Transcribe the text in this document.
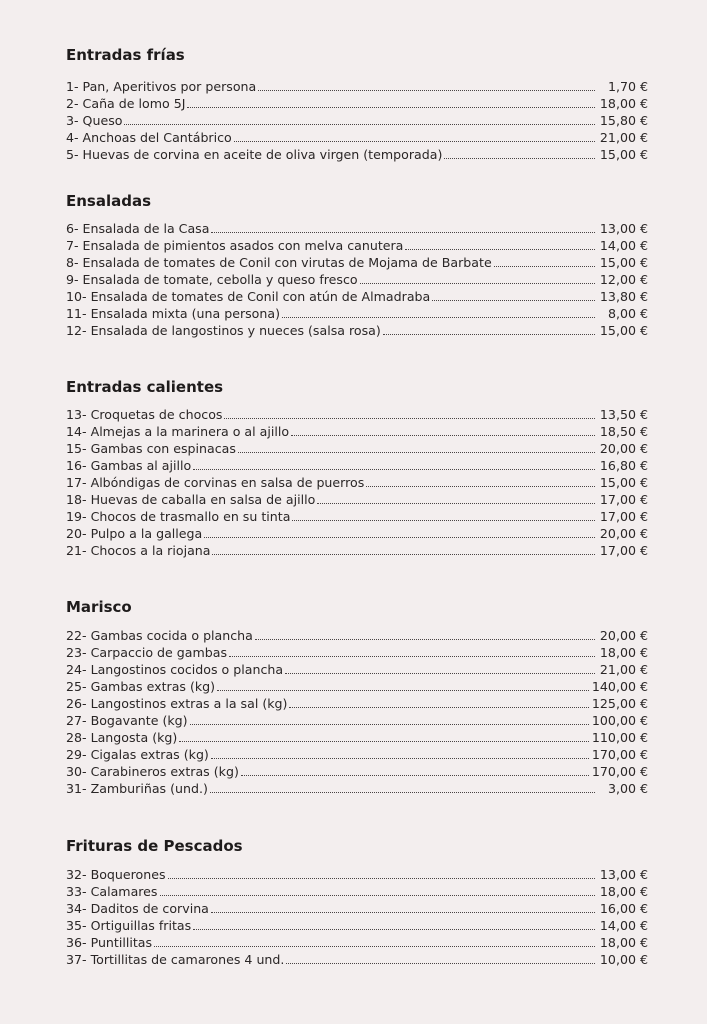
Entradas frías
1- Pan, Aperitivos por persona	1,70 €
2- Caña de lomo 5J	18,00 €
3- Queso	15,80 €
4- Anchoas del Cantábrico	21,00 €
5- Huevas de corvina en aceite de oliva virgen (temporada)	15,00 €
Ensaladas
6- Ensalada de la Casa	13,00 €
7- Ensalada de pimientos asados con melva canutera	14,00 €
8- Ensalada de tomates de Conil con virutas de Mojama de Barbate	15,00 €
9- Ensalada de tomate, cebolla y queso fresco	12,00 €
10- Ensalada de tomates de Conil con atún de Almadraba	13,80 €
11- Ensalada mixta (una persona)	8,00 €
12- Ensalada de langostinos y nueces (salsa rosa)	15,00 €
Entradas calientes
13- Croquetas de chocos	13,50 €
14- Almejas a la marinera o al ajillo	18,50 €
15- Gambas con espinacas	20,00 €
16- Gambas al ajillo	16,80 €
17- Albóndigas de corvinas en salsa de puerros	15,00 €
18- Huevas de caballa en salsa de ajillo	17,00 €
19- Chocos de trasmallo en su tinta	17,00 €
20- Pulpo a la gallega	20,00 €
21- Chocos a la riojana	17,00 €
Marisco
22- Gambas cocida o plancha	20,00 €
23- Carpaccio de gambas	18,00 €
24- Langostinos cocidos o plancha	21,00 €
25- Gambas extras (kg)	140,00 €
26- Langostinos extras a la sal (kg)	125,00 €
27- Bogavante (kg)	100,00 €
28- Langosta (kg)	110,00 €
29- Cigalas extras (kg)	170,00 €
30- Carabineros extras (kg)	170,00 €
31- Zamburiñas (und.)	3,00 €
Frituras de Pescados
32- Boquerones	13,00 €
33- Calamares	18,00 €
34- Daditos de corvina	16,00 €
35- Ortiguillas fritas	14,00 €
36- Puntillitas	18,00 €
37- Tortillitas de camarones 4 und.	10,00 €
